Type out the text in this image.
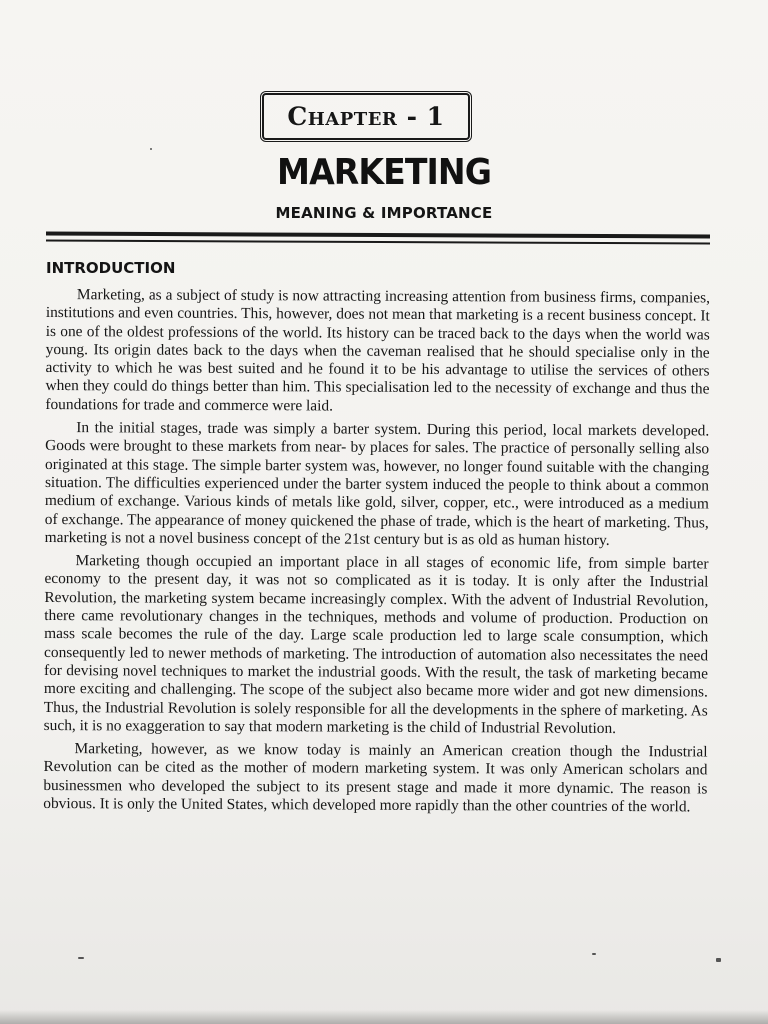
Chapter - 1
MARKETING
MEANING & IMPORTANCE
INTRODUCTION

Marketing, as a subject of study is now attracting increasing attention from business firms, companies, institutions and even countries. This, however, does not mean that marketing is a recent business concept. It is one of the oldest professions of the world. Its history can be traced back to the days when the world was young. Its origin dates back to the days when the caveman realised that he should specialise only in the activity to which he was best suited and he found it to be his advantage to utilise the services of others when they could do things better than him. This specialisation led to the necessity of exchange and thus the foundations for trade and commerce were laid.

In the initial stages, trade was simply a barter system. During this period, local markets developed. Goods were brought to these markets from near- by places for sales. The practice of personally selling also originated at this stage. The simple barter system was, however, no longer found suitable with the changing situation. The difficulties experienced under the barter system induced the people to think about a common medium of exchange. Various kinds of metals like gold, silver, copper, etc., were introduced as a medium of exchange. The appearance of money quickened the phase of trade, which is the heart of marketing. Thus, marketing is not a novel business concept of the 21st century but is as old as human history.

Marketing though occupied an important place in all stages of economic life, from simple barter economy to the present day, it was not so complicated as it is today. It is only after the Industrial Revolution, the marketing system became increasingly complex. With the advent of Industrial Revolution, there came revolutionary changes in the techniques, methods and volume of production. Production on mass scale becomes the rule of the day. Large scale production led to large scale consumption, which consequently led to newer methods of marketing. The introduction of automation also necessitates the need for devising novel techniques to market the industrial goods. With the result, the task of marketing became more exciting and challenging. The scope of the subject also became more wider and got new dimensions. Thus, the Industrial Revolution is solely responsible for all the developments in the sphere of marketing. As such, it is no exaggeration to say that modern marketing is the child of Industrial Revolution.

Marketing, however, as we know today is mainly an American creation though the Industrial Revolution can be cited as the mother of modern marketing system. It was only American scholars and businessmen who developed the subject to its present stage and made it more dynamic. The reason is obvious. It is only the United States, which developed more rapidly than the other countries of the world.
